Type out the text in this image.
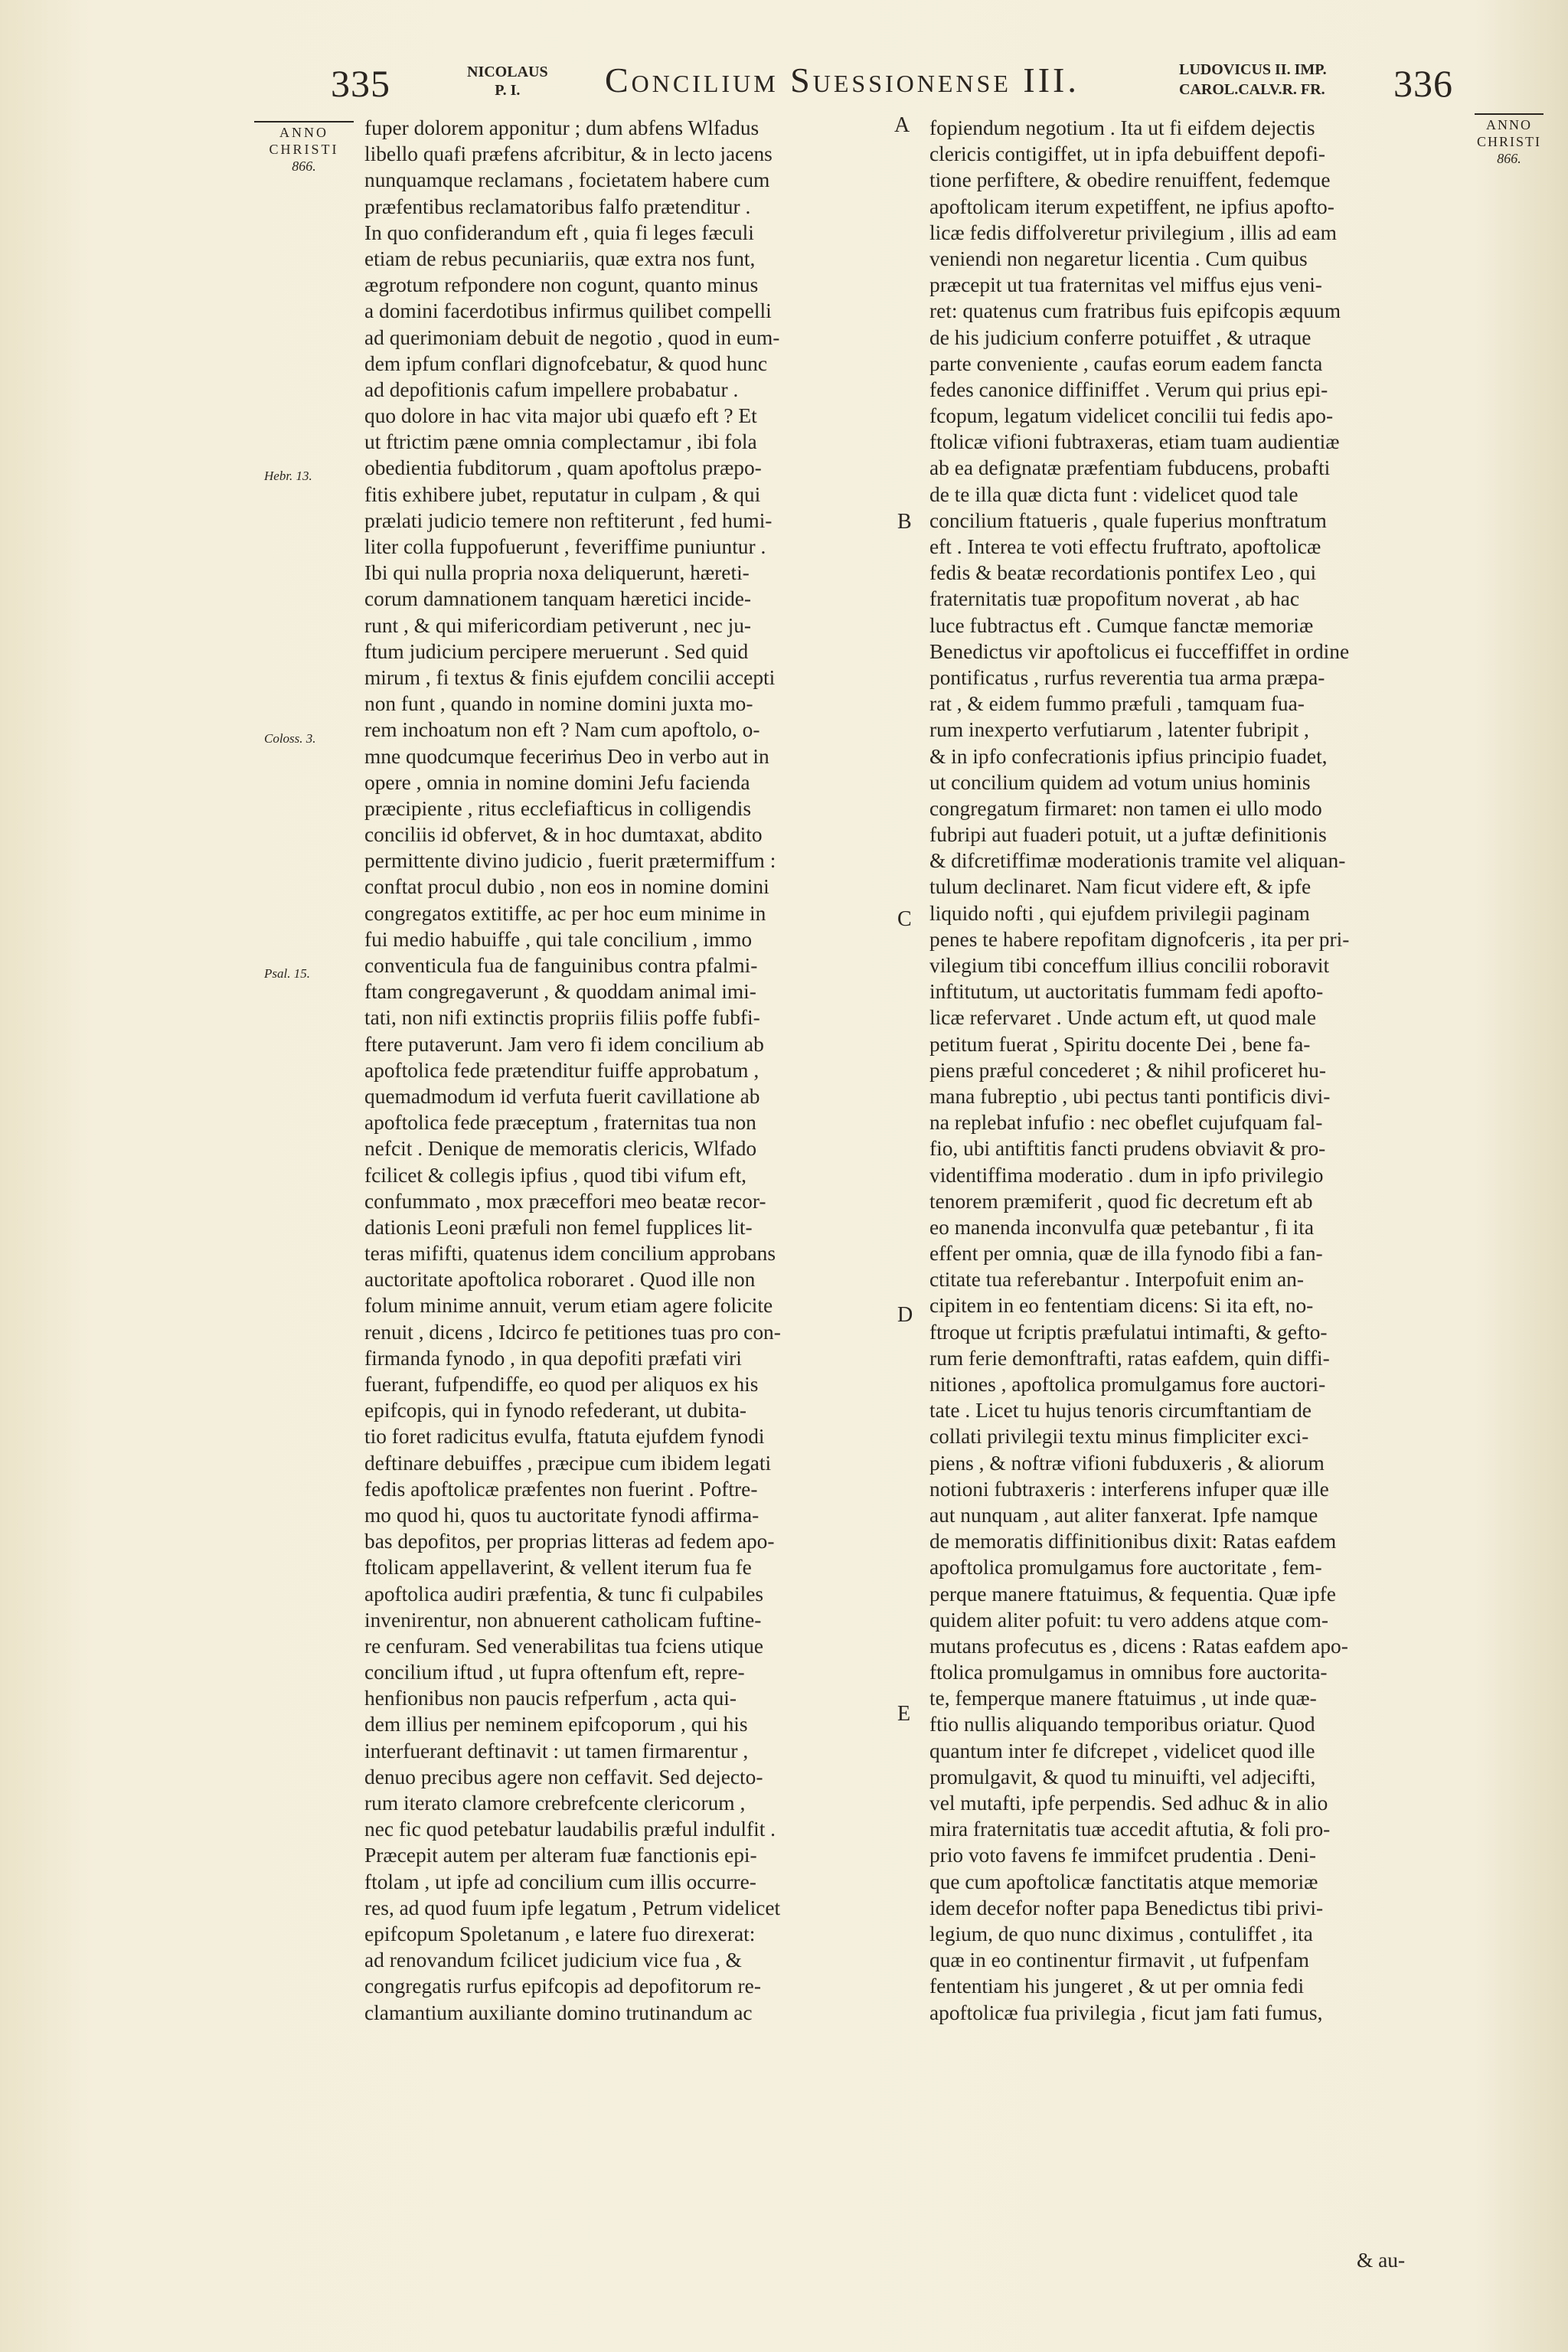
335	NICOLAUS
P. I.	Concilium Suessionense III.	LUDOVICUS II. IMP.
CAROL.CALV.R. FR. 336
ANNO
CHRISTI
866.
ANNO
CHRISTI
866.
Hebr. 13.
Coloss. 3.
Psal. 15.
A
B
C
D
E
fuper dolorem apponitur ; dum abfens Wlfadus
libello quafi præfens afcribitur, & in lecto jacens
nunquamque reclamans , focietatem habere cum
præfentibus reclamatoribus falfo prætenditur .
In quo confiderandum eft , quia fi leges fæculi
etiam de rebus pecuniariis, quæ extra nos funt,
ægrotum refpondere non cogunt, quanto minus
a domini facerdotibus infirmus quilibet compelli
ad querimoniam debuit de negotio , quod in eum-
dem ipfum conflari dignofcebatur, & quod hunc
ad depofitionis cafum impellere probabatur .
quo dolore in hac vita major ubi quæfo eft ? Et
ut ftrictim pæne omnia complectamur , ibi fola
obedientia fubditorum , quam apoftolus præpo-
fitis exhibere jubet, reputatur in culpam , & qui
prælati judicio temere non reftiterunt , fed humi-
liter colla fuppofuerunt , feveriffime puniuntur .
Ibi qui nulla propria noxa deliquerunt, hæreti-
corum damnationem tanquam hæretici incide-
runt , & qui mifericordiam petiverunt , nec ju-
ftum judicium percipere meruerunt . Sed quid
mirum , fi textus & finis ejufdem concilii accepti
non funt , quando in nomine domini juxta mo-
rem inchoatum non eft ? Nam cum apoftolo, o-
mne quodcumque feceriṁus Deo in verbo aut in
opere , omnia in nomine domini Jefu facienda
præcipiente , ritus ecclefiafticus in colligendis
conciliis id obfervet, & in hoc dumtaxat, abdito
permittente divino judicio , fuerit prætermiffum :
conftat procul dubio , non eos in nomine domini
congregatos extitiffe, ac per hoc eum minime in
fui medio habuiffe , qui tale concilium , immo
conventicula fua de fanguinibus contra pfalmi-
ftam congregaverunt , & quoddam animal imi-
tati, non nifi extinctis propriis filiis poffe fubfi-
ftere putaverunt. Jam vero fi idem concilium ab
apoftolica fede prætenditur fuiffe approbatum ,
quemadmodum id verfuta fuerit cavillatione ab
apoftolica fede præceptum , fraternitas tua non
nefcit . Denique de memoratis clericis, Wlfado
fcilicet & collegis ipfius , quod tibi vifum eft,
confummato , mox præceffori meo beatæ recor-
dationis Leoni præfuli non femel fupplices lit-
teras mififti, quatenus idem concilium approbans
auctoritate apoftolica roboraret . Quod ille non
folum minime annuit, verum etiam agere folicite
renuit , dicens , Idcirco fe petitiones tuas pro con-
firmanda fynodo , in qua depofiti præfati viri
fuerant, fufpendiffe, eo quod per aliquos ex his
epifcopis, qui in fynodo refederant, ut dubita-
tio foret radicitus evulfa, ftatuta ejufdem fynodi
deftinare debuiffes , præcipue cum ibidem legati
fedis apoftolicæ præfentes non fuerint . Poftre-
mo quod hi, quos tu auctoritate fynodi affirma-
bas depofitos, per proprias litteras ad fedem apo-
ftolicam appellaverint, & vellent iterum fua fe
apoftolica audiri præfentia, & tunc fi culpabiles
invenirentur, non abnuerent catholicam fuftine-
re cenfuram. Sed venerabilitas tua fciens utique
concilium iftud , ut fupra oftenfum eft, repre-
henfionibus non paucis refperfum , acta qui-
dem illius per neminem epifcoporum , qui his
interfuerant deftinavit : ut tamen firmarentur ,
denuo precibus agere non ceffavit. Sed dejecto-
rum iterato clamore crebrefcente clericorum ,
nec fic quod petebatur laudabilis præful indulfit .
Præcepit autem per alteram fuæ fanctionis epi-
ftolam , ut ipfe ad concilium cum illis occurre-
res, ad quod fuum ipfe legatum , Petrum videlicet
epifcopum Spoletanum , e latere fuo direxerat:
ad renovandum fcilicet judicium vice fua , &
congregatis rurfus epifcopis ad depofitorum re-
clamantium auxiliante domino trutinandum ac
fopiendum negotium . Ita ut fi eifdem dejectis
clericis contigiffet, ut in ipfa debuiffent depofi-
tione perfiftere, & obedire renuiffent, fedemque
apoftolicam iterum expetiffent, ne ipfius apofto-
licæ fedis diffolveretur privilegium , illis ad eam
veniendi non negaretur licentia . Cum quibus
præcepit ut tua fraternitas vel miffus ejus veni-
ret: quatenus cum fratribus fuis epifcopis æquum
de his judicium conferre potuiffet , & utraque
parte conveniente , caufas eorum eadem fancta
fedes canonice diffiniffet . Verum qui prius epi-
fcopum, legatum videlicet concilii tui fedis apo-
ftolicæ vifioni fubtraxeras, etiam tuam audientiæ
ab ea defignatæ præfentiam fubducens, probafti
de te illa quæ dicta funt : videlicet quod tale
concilium ftatueris , quale fuperius monftratum
eft . Interea te voti effectu fruftrato, apoftolicæ
fedis & beatæ recordationis pontifex Leo , qui
fraternitatis tuæ propofitum noverat , ab hac
luce fubtractus eft . Cumque fanctæ memoriæ
Benedictus vir apoftolicus ei fucceffiffet in ordine
pontificatus , rurfus reverentia tua arma præpa-
rat , & eidem fummo præfuli , tamquam fua-
rum inexperto verfutiarum , latenter fubripit ,
& in ipfo confecrationis ipfius principio fuadet,
ut concilium quidem ad votum unius hominis
congregatum firmaret: non tamen ei ullo modo
fubripi aut fuaderi potuit, ut a juftæ definitionis
& difcretiffimæ moderationis tramite vel aliquan-
tulum declinaret. Nam ficut videre eft, & ipfe
liquido nofti , qui ejufdem privilegii paginam
penes te habere repofitam dignofceris , ita per pri-
vilegium tibi conceffum illius concilii roboravit
inftitutum, ut auctoritatis fummam fedi apofto-
licæ refervaret . Unde actum eft, ut quod male
petitum fuerat , Spiritu docente Dei , bene fa-
piens præful concederet ; & nihil proficeret hu-
mana fubreptio , ubi pectus tanti pontificis divi-
na replebat infufio : nec obeflet cujufquam fal-
fio, ubi antiftitis fancti prudens obviavit & pro-
videntiffima moderatio . dum in ipfo privilegio
tenorem præmiferit , quod fic decretum eft ab
eo manenda inconvulfa quæ petebantur , fi ita
effent per omnia, quæ de illa fynodo fibi a fan-
ctitate tua referebantur . Interpofuit enim an-
cipitem in eo fententiam dicens: Si ita eft, no-
ftroque ut fcriptis præfulatui intimafti, & gefto-
rum ferie demonftrafti, ratas eafdem, quin diffi-
nitiones , apoftolica promulgamus fore auctori-
tate . Licet tu hujus tenoris circumftantiam de
collati privilegii textu minus fimpliciter exci-
piens , & noftræ vifioni fubduxeris , & aliorum
notioni fubtraxeris : interferens infuper quæ ille
aut nunquam , aut aliter fanxerat. Ipfe namque
de memoratis diffinitionibus dixit: Ratas eafdem
apoftolica promulgamus fore auctoritate , fem-
perque manere ftatuimus, & fequentia. Quæ ipfe
quidem aliter pofuit: tu vero addens atque com-
mutans profecutus es , dicens : Ratas eafdem apo-
ftolica promulgamus in omnibus fore auctorita-
te, femperque manere ftatuimus , ut inde quæ-
ftio nullis aliquando temporibus oriatur. Quod
quantum inter fe difcrepet , videlicet quod ille
promulgavit, & quod tu minuifti, vel adjecifti,
vel mutafti, ipfe perpendis. Sed adhuc & in alio
mira fraternitatis tuæ accedit aftutia, & foli pro-
prio voto favens fe immifcet prudentia . Deni-
que cum apoftolicæ fanctitatis atque memoriæ
idem decefor nofter papa Benedictus tibi privi-
legium, de quo nunc diximus , contuliffet , ita
quæ in eo continentur firmavit , ut fufpenfam
fententiam his jungeret , & ut per omnia fedi
apoftolicæ fua privilegia , ficut jam fati fumus,
& au-
